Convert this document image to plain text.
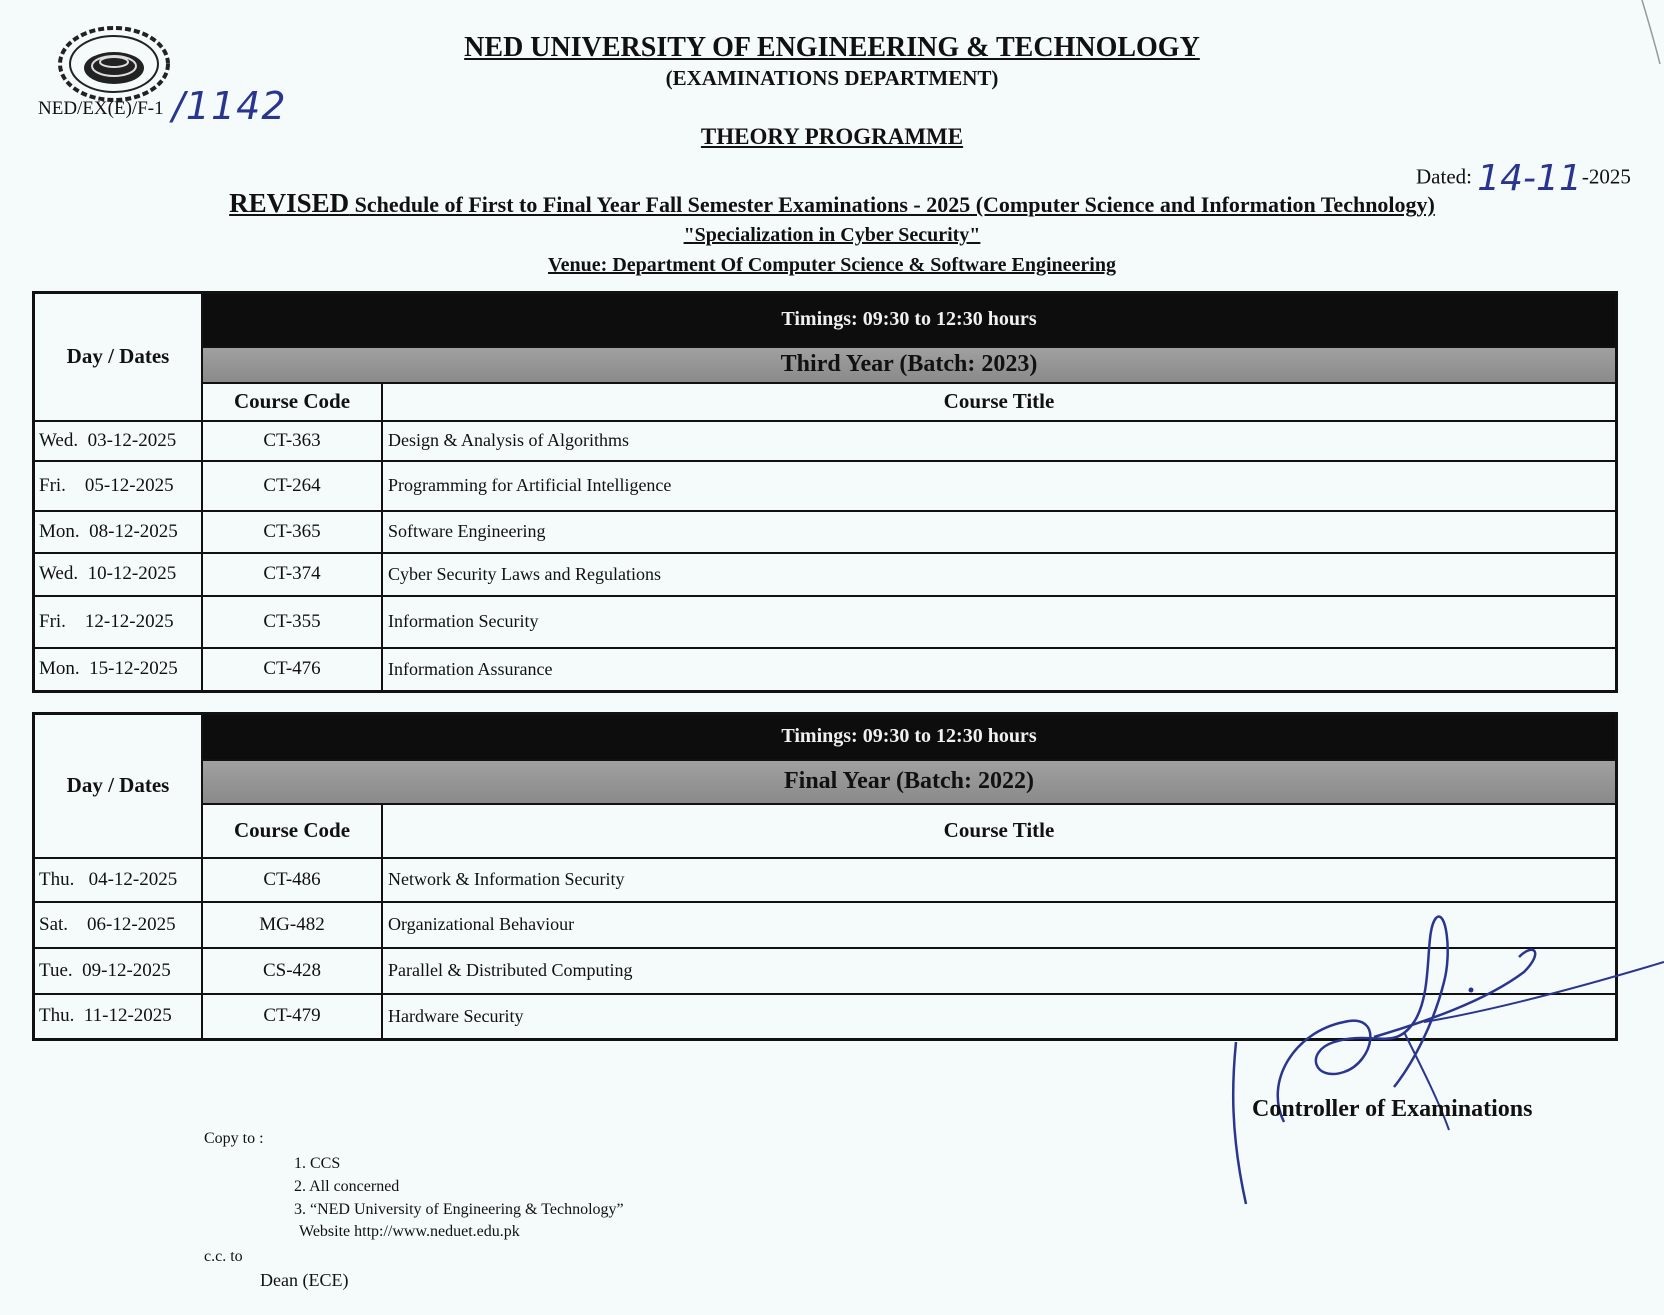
NED/EX(E)/F-1 /1142
NED UNIVERSITY OF ENGINEERING & TECHNOLOGY
(EXAMINATIONS DEPARTMENT)
THEORY PROGRAMME
Dated: 14-11-2025
REVISED Schedule of First to Final Year Fall Semester Examinations - 2025 (Computer Science and Information Technology)
"Specialization in Cyber Security"
Venue: Department Of Computer Science & Software Engineering
Day / Dates	Timings: 09:30 to 12:30 hours	
	Third Year (Batch: 2023)	
	Course Code	Course Title
Wed.  03-12-2025	CT-363	Design & Analysis of Algorithms
Fri.    05-12-2025	CT-264	Programming for Artificial Intelligence
Mon.  08-12-2025	CT-365	Software Engineering
Wed.  10-12-2025	CT-374	Cyber Security Laws and Regulations
Fri.    12-12-2025	CT-355	Information Security
Mon.  15-12-2025	CT-476	Information Assurance
Day / Dates	Timings: 09:30 to 12:30 hours	
	Final Year (Batch: 2022)	
	Course Code	Course Title
Thu.   04-12-2025	CT-486	Network & Information Security
Sat.    06-12-2025	MG-482	Organizational Behaviour
Tue.  09-12-2025	CS-428	Parallel & Distributed Computing
Thu.  11-12-2025	CT-479	Hardware Security
Controller of Examinations
Copy to :
1. CCS
2. All concerned
3. “NED University of Engineering & Technology”
Website http://www.neduet.edu.pk
c.c. to
Dean (ECE)
